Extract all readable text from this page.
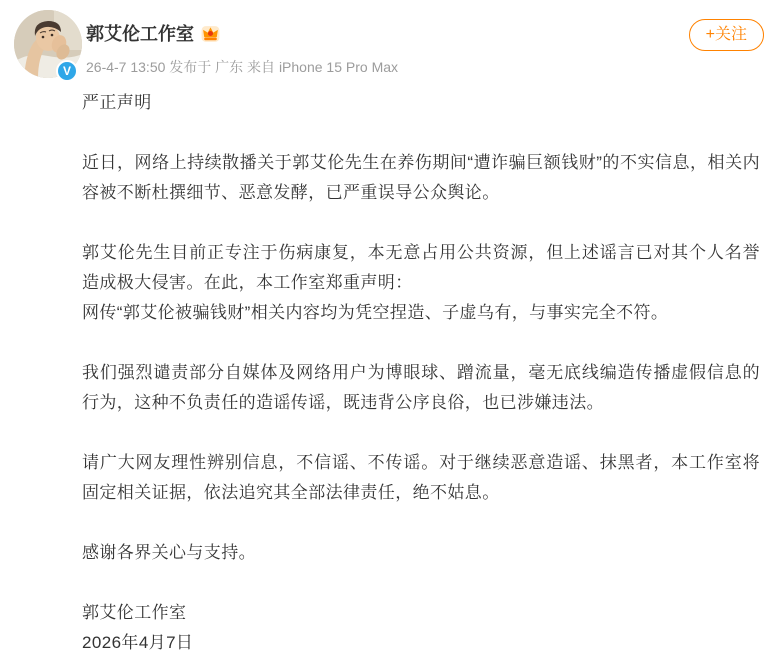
V
郭艾伦工作室
26-4-7 13:50 发布于 广东 来自 iPhone 15 Pro Max
+关注

严正声明

近日，网络上持续散播关于郭艾伦先生在养伤期间“遭诈骗巨额钱财”的不实信息，相关内容被不断杜撰细节、恶意发酵，已严重误导公众舆论。

郭艾伦先生目前正专注于伤病康复，本无意占用公共资源，但上述谣言已对其个人名誉造成极大侵害。在此，本工作室郑重声明：

网传“郭艾伦被骗钱财”相关内容均为凭空捏造、子虚乌有，与事实完全不符。

我们强烈谴责部分自媒体及网络用户为博眼球、蹭流量，毫无底线编造传播虚假信息的行为，这种不负责任的造谣传谣，既违背公序良俗，也已涉嫌违法。

请广大网友理性辨别信息，不信谣、不传谣。对于继续恶意造谣、抹黑者，本工作室将固定相关证据，依法追究其全部法律责任，绝不姑息。

感谢各界关心与支持。

郭艾伦工作室

2026年4月7日
